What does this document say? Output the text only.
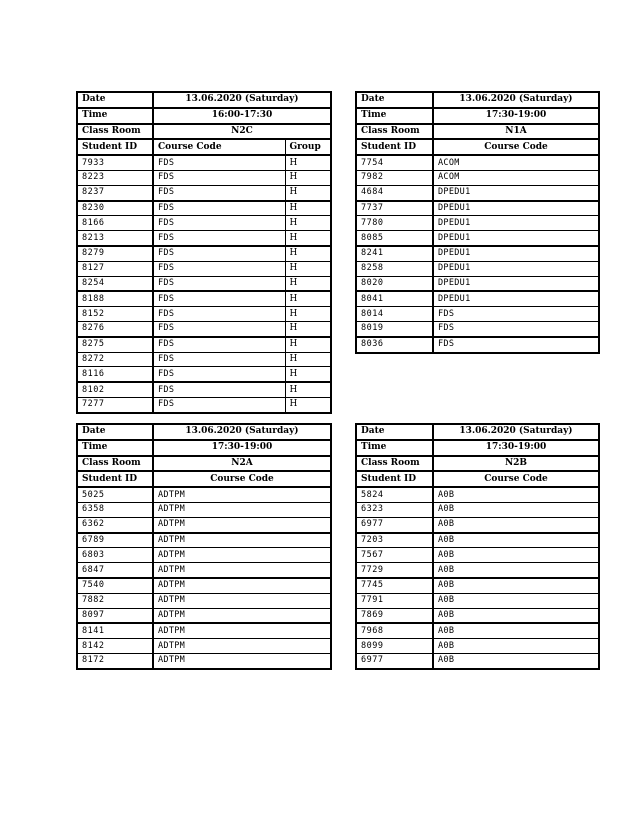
Date	13.06.2020 (Saturday)	
Time	16:00-17:30	
Class Room	N2C	
Student ID	Course Code	Group
7933	FDS	H
8223	FDS	H
8237	FDS	H
8230	FDS	H
8166	FDS	H
8213	FDS	H
8279	FDS	H
8127	FDS	H
8254	FDS	H
8188	FDS	H
8152	FDS	H
8276	FDS	H
8275	FDS	H
8272	FDS	H
8116	FDS	H
8102	FDS	H
7277	FDS	H
Date	13.06.2020 (Saturday)
Time	17:30-19:00
Class Room	N1A
Student ID	Course Code
7754	ACOM
7982	ACOM
4684	DPEDU1
7737	DPEDU1
7780	DPEDU1
8085	DPEDU1
8241	DPEDU1
8258	DPEDU1
8020	DPEDU1
8041	DPEDU1
8014	FDS
8019	FDS
8036	FDS
Date	13.06.2020 (Saturday)
Time	17:30-19:00
Class Room	N2A
Student ID	Course Code
5025	ADTPM
6358	ADTPM
6362	ADTPM
6789	ADTPM
6803	ADTPM
6847	ADTPM
7540	ADTPM
7882	ADTPM
8097	ADTPM
8141	ADTPM
8142	ADTPM
8172	ADTPM
Date	13.06.2020 (Saturday)
Time	17:30-19:00
Class Room	N2B
Student ID	Course Code
5824	A0B
6323	A0B
6977	A0B
7203	A0B
7567	A0B
7729	A0B
7745	A0B
7791	A0B
7869	A0B
7968	A0B
8099	A0B
6977	A0B
